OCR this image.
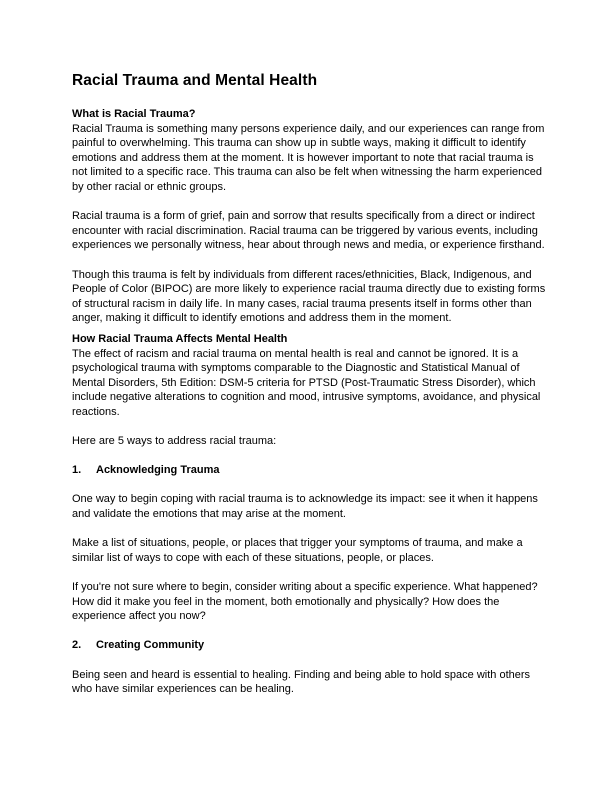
Racial Trauma and Mental Health
What is Racial Trauma?

Racial Trauma is something many persons experience daily, and our experiences can range from painful to overwhelming. This trauma can show up in subtle ways, making it difficult to identify emotions and address them at the moment. It is however important to note that racial trauma is not limited to a specific race. This trauma can also be felt when witnessing the harm experienced by other racial or ethnic groups.

Racial trauma is a form of grief, pain and sorrow that results specifically from a direct or indirect encounter with racial discrimination. Racial trauma can be triggered by various events, including experiences we personally witness, hear about through news and media, or experience firsthand.

Though this trauma is felt by individuals from different races/ethnicities, Black, Indigenous, and People of Color (BIPOC) are more likely to experience racial trauma directly due to existing forms of structural racism in daily life. In many cases, racial trauma presents itself in forms other than anger, making it difficult to identify emotions and address them in the moment.

How Racial Trauma Affects Mental Health

The effect of racism and racial trauma on mental health is real and cannot be ignored. It is a psychological trauma with symptoms comparable to the Diagnostic and Statistical Manual of Mental Disorders, 5th Edition: DSM-5 criteria for PTSD (Post-Traumatic Stress Disorder), which include negative alterations to cognition and mood, intrusive symptoms, avoidance, and physical reactions.

Here are 5 ways to address racial trauma:

1.	Acknowledging Trauma

One way to begin coping with racial trauma is to acknowledge its impact: see it when it happens and validate the emotions that may arise at the moment.

Make a list of situations, people, or places that trigger your symptoms of trauma, and make a similar list of ways to cope with each of these situations, people, or places.

If you're not sure where to begin, consider writing about a specific experience. What happened? How did it make you feel in the moment, both emotionally and physically? How does the experience affect you now?

2.	Creating Community

Being seen and heard is essential to healing. Finding and being able to hold space with others who have similar experiences can be healing.
